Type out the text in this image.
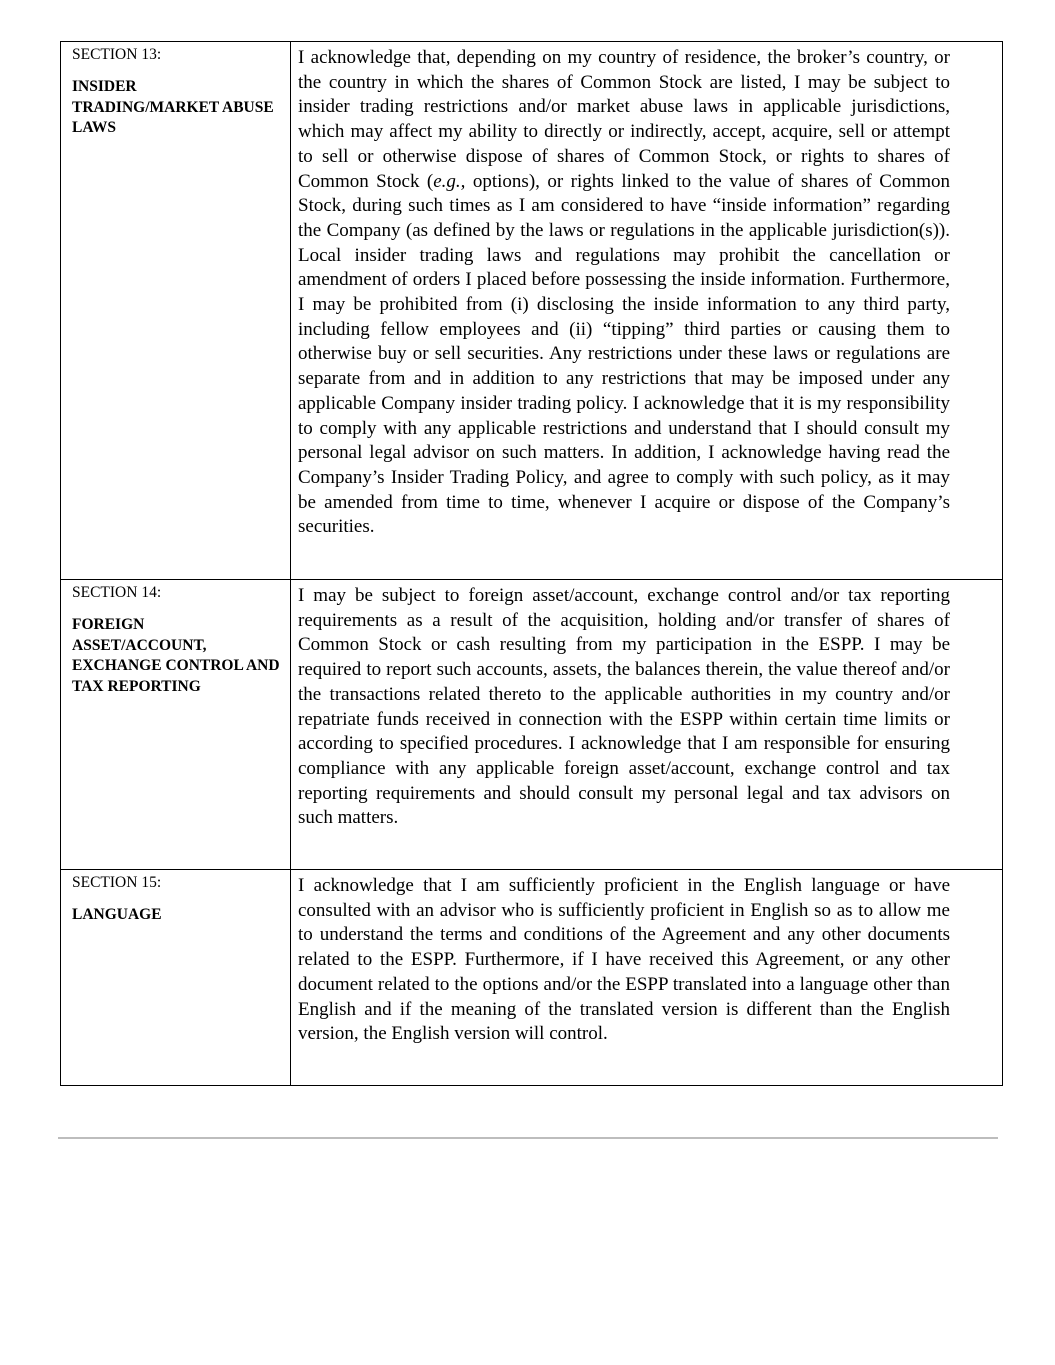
SECTION 13:
INSIDER TRADING/MARKET ABUSE LAWS	I acknowledge that, depending on my country of residence, the broker’s country, or the country in which the shares of Common Stock are listed, I may be subject to insider trading restrictions and/or market abuse laws in applicable jurisdictions, which may affect my ability to directly or indirectly, accept, acquire, sell or attempt to sell or otherwise dispose of shares of Common Stock, or rights to shares of Common Stock (e.g., options), or rights linked to the value of shares of Common Stock, during such times as I am considered to have “inside information” regarding the Company (as defined by the laws or regulations in the applicable jurisdiction(s)). Local insider trading laws and regulations may prohibit the cancellation or amendment of orders I placed before possessing the inside information. Furthermore, I may be prohibited from (i) disclosing the inside information to any third party, including fellow employees and (ii) “tipping” third parties or causing them to otherwise buy or sell securities. Any restrictions under these laws or regulations are separate from and in addition to any restrictions that may be imposed under any applicable Company insider trading policy. I acknowledge that it is my responsibility to comply with any applicable restrictions and understand that I should consult my personal legal advisor on such matters. In addition, I acknowledge having read the Company’s Insider Trading Policy, and agree to comply with such policy, as it may be amended from time to time, whenever I acquire or dispose of the Company’s securities.

SECTION 14:
FOREIGN ASSET/ACCOUNT, EXCHANGE CONTROL AND TAX REPORTING	I may be subject to foreign asset/account, exchange control and/or tax reporting requirements as a result of the acquisition, holding and/or transfer of shares of Common Stock or cash resulting from my participation in the ESPP. I may be required to report such accounts, assets, the balances therein, the value thereof and/or the transactions related thereto to the applicable authorities in my country and/or repatriate funds received in connection with the ESPP within certain time limits or according to specified procedures. I acknowledge that I am responsible for ensuring compliance with any applicable foreign asset/account, exchange control and tax reporting requirements and should consult my personal legal and tax advisors on such matters.

SECTION 15:
LANGUAGE	I acknowledge that I am sufficiently proficient in the English language or have consulted with an advisor who is sufficiently proficient in English so as to allow me to understand the terms and conditions of the Agreement and any other documents related to the ESPP. Furthermore, if I have received this Agreement, or any other document related to the options and/or the ESPP translated into a language other than English and if the meaning of the translated version is different than the English version, the English version will control.
